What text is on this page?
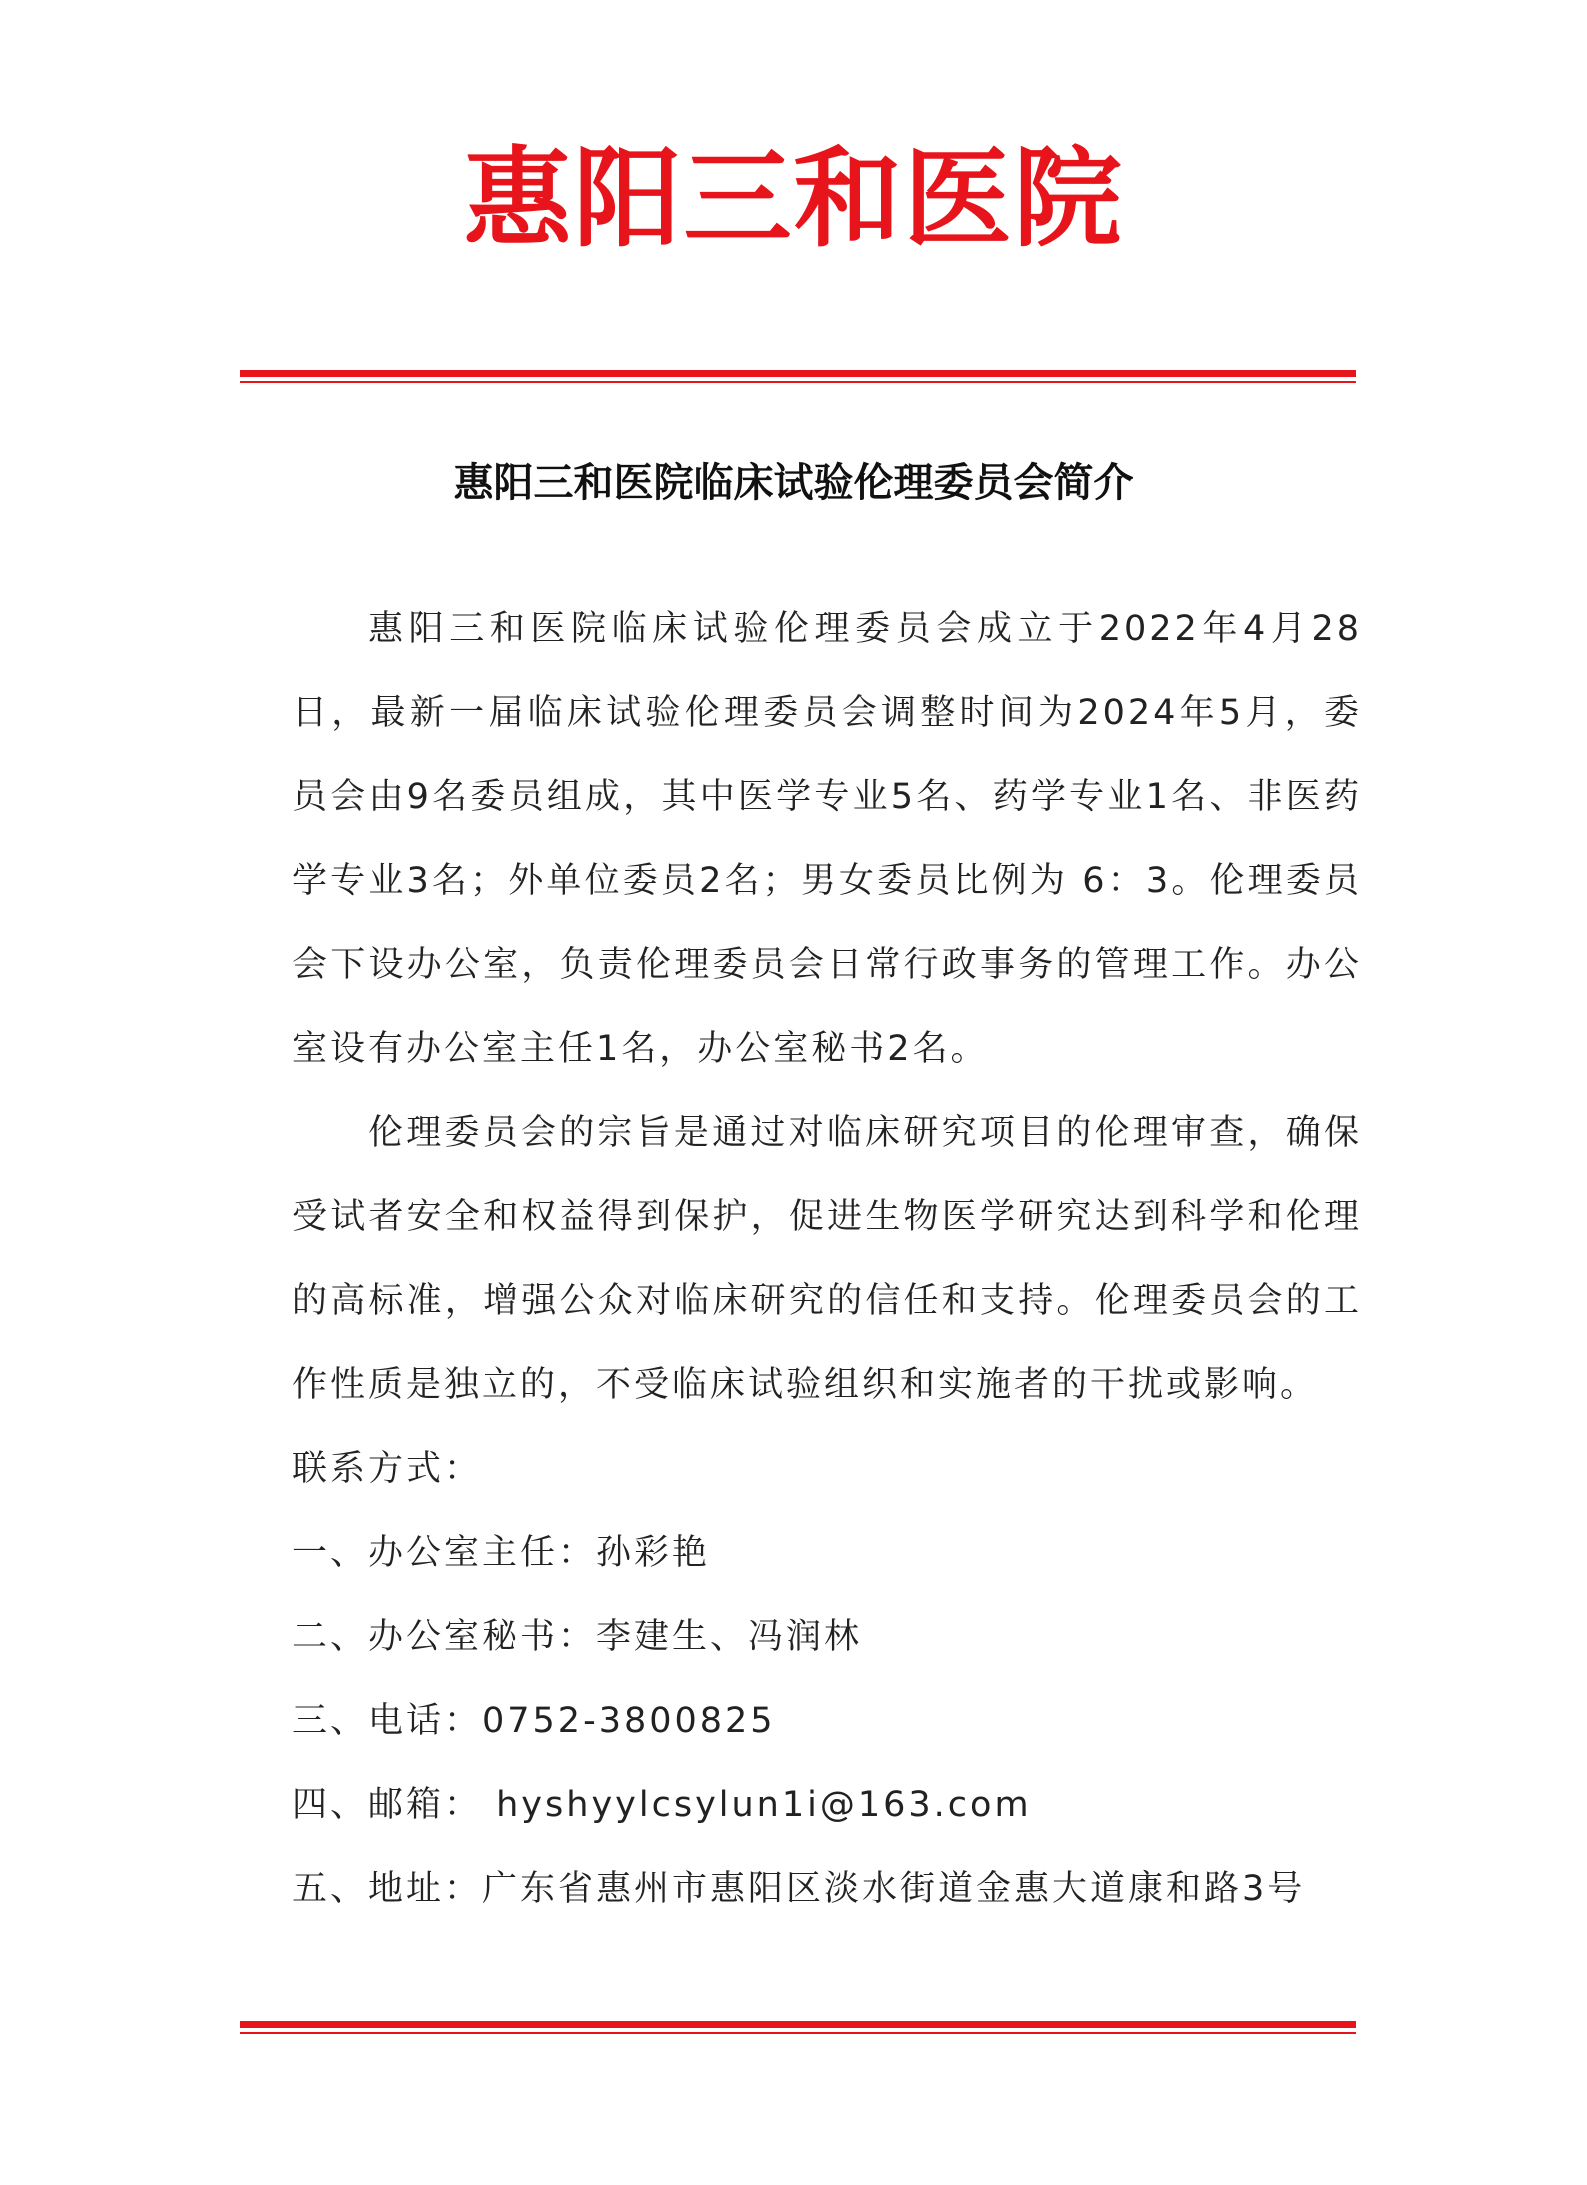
惠阳三和医院
惠阳三和医院临床试验伦理委员会简介

惠阳三和医院临床试验伦理委员会成立于2022年4月28日，最新一届临床试验伦理委员会调整时间为2024年5月，委员会由9名委员组成，其中医学专业5名、药学专业1名、非医药学专业3名；外单位委员2名；男女委员比例为 6：3。伦理委员会下设办公室，负责伦理委员会日常行政事务的管理工作。办公室设有办公室主任1名，办公室秘书2名。

伦理委员会的宗旨是通过对临床研究项目的伦理审查，确保受试者安全和权益得到保护，促进生物医学研究达到科学和伦理的高标准，增强公众对临床研究的信任和支持。伦理委员会的工作性质是独立的，不受临床试验组织和实施者的干扰或影响。

联系方式：

一、办公室主任：孙彩艳

二、办公室秘书：李建生、冯润林

三、电话：0752-3800825

四、邮箱： hyshyylcsylun1i@163.com

五、地址：广东省惠州市惠阳区淡水街道金惠大道康和路3号
